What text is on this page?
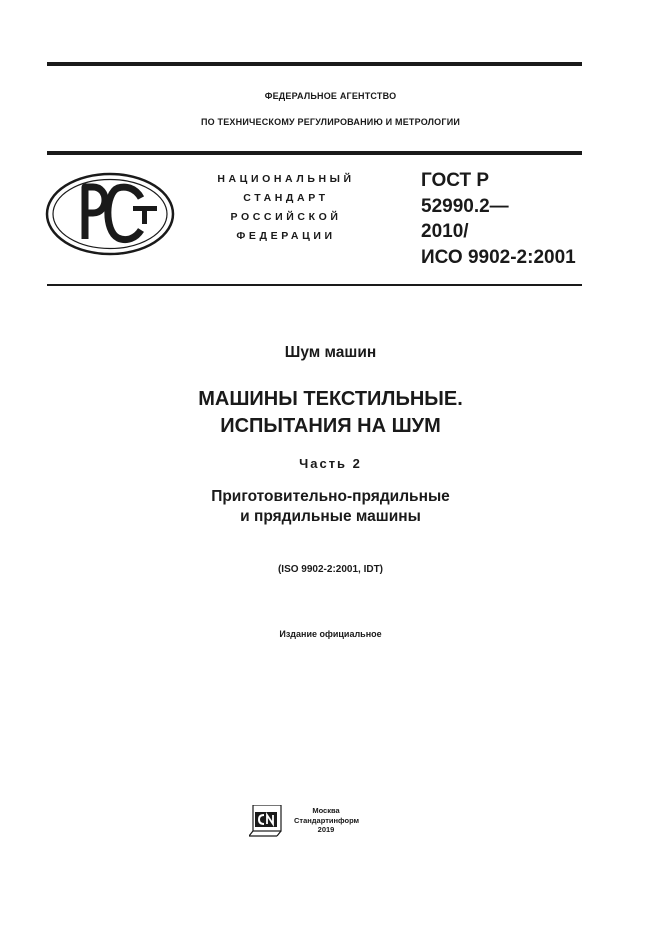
ФЕДЕРАЛЬНОЕ АГЕНТСТВО
ПО ТЕХНИЧЕСКОМУ РЕГУЛИРОВАНИЮ И МЕТРОЛОГИИ
НАЦИОНАЛЬНЫЙ
СТАНДАРТ
РОССИЙСКОЙ
ФЕДЕРАЦИИ
ГОСТ Р
52990.2—
2010/
ИСО 9902-2:2001
Шум машин
МАШИНЫ ТЕКСТИЛЬНЫЕ.
ИСПЫТАНИЯ НА ШУМ
Часть 2
Приготовительно-прядильные
и прядильные машины
(ISO 9902-2:2001, IDT)
Издание официальное
Москва
Стандартинформ
2019
